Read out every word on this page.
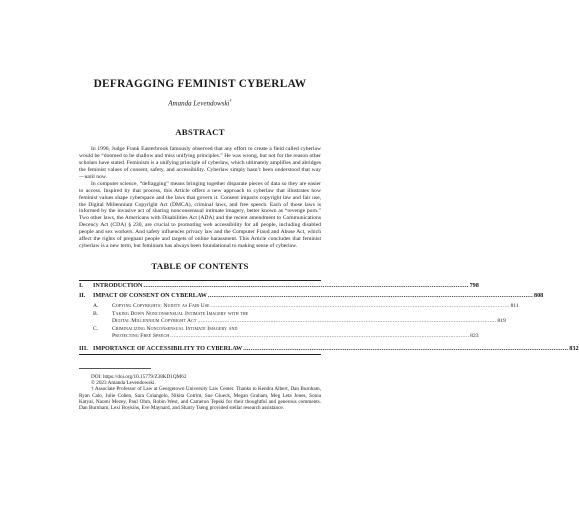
DEFRAGGING FEMINIST CYBERLAW
Amanda Levendowski†
ABSTRACT

In 1996, Judge Frank Easterbrook famously observed that any effort to create a field called cyberlaw would be “doomed to be shallow and miss unifying principles.” He was wrong, but not for the reason other scholars have stated. Feminism is a unifying principle of cyberlaw, which ultimately amplifies and abridges the feminist values of consent, safety, and accessibility. Cyberlaw simply hasn’t been understood that way—until now.

In computer science, “defragging” means bringing together disparate pieces of data so they are easier to access. Inspired by that process, this Article offers a new approach to cyberlaw that illustrates how feminist values shape cyberspace and the laws that govern it. Consent impacts copyright law and fair use, the Digital Millennium Copyright Act (DMCA), criminal laws, and free speech. Each of those laws is informed by the invasive act of sharing nonconsensual intimate imagery, better known as “revenge porn.” Two other laws, the Americans with Disabilities Act (ADA) and the recent amendment to Communications Decency Act (CDA) § 230, are crucial to promoting web accessibility for all people, including disabled people and sex workers. And safety influences privacy law and the Computer Fraud and Abuse Act, which affect the rights of pregnant people and targets of online harassment. This Article concludes that feminist cyberlaw is a new term, but feminism has always been foundational to making sense of cyberlaw.

TABLE OF CONTENTS
I.	INTRODUCTION .....	798
II.	IMPACT OF CONSENT ON CYBERLAW .....	808
A.	Copying Copyrights: Nudity as Fair Use .....	811
B.	Taking Down Nonconsensual Intimate Imagery with the
Digital Millennium Copyright Act .....	819
C.	Criminalizing Nonconsensual Intimate Imagery and
Protecting Free Speech .....	823
III. IMPORTANCE OF ACCESSIBILITY TO CYBERLAW .....	832

DOI: https://doi.org/10.15779/Z38KD1QM62

© 2023 Amanda Levendowski.

† Associate Professor of Law at Georgetown University Law Center. Thanks to Kendra Albert, Dan Burnham, Ryan Calo, Julie Cohen, Sara Colangelo, Nikita Cotrim, Sue Glueck, Megan Graham, Meg Leta Jones, Sonia Katyal, Naomi Mezey, Paul Ohm, Robin West, and Cameron Tepski for their thoughtful and generous comments. Dan Burnham, Lexi Boykins, Eve Maynard, and Sharry Tseng provided stellar research assistance.
